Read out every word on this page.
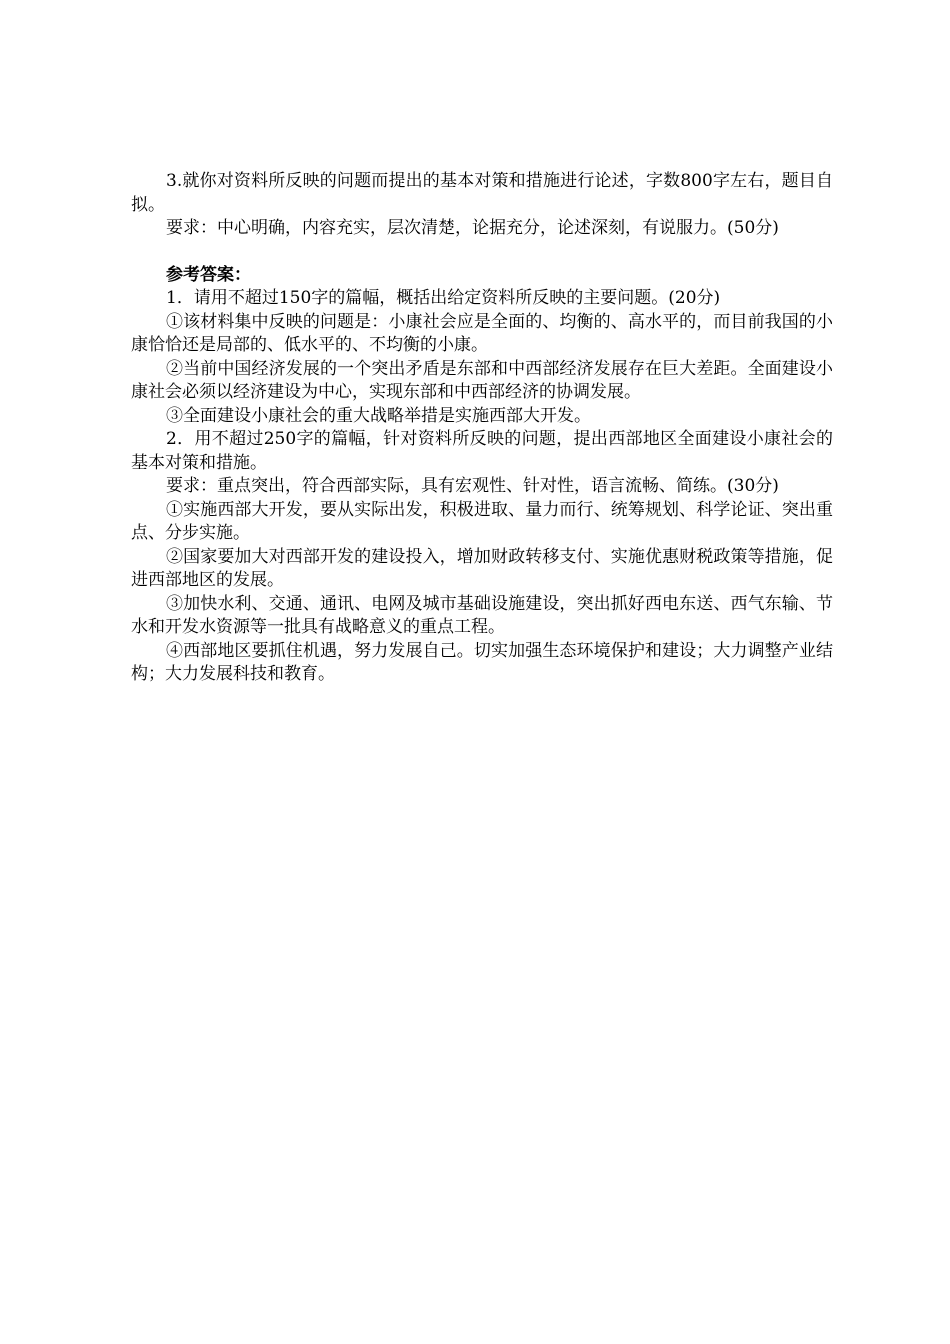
3.就你对资料所反映的问题而提出的基本对策和措施进行论述，字数800字左右，题目自拟。

要求：中心明确，内容充实，层次清楚，论据充分，论述深刻，有说服力。(50分)

参考答案：

1．请用不超过150字的篇幅，概括出给定资料所反映的主要问题。(20分)

①该材料集中反映的问题是：小康社会应是全面的、均衡的、高水平的，而目前我国的小康恰恰还是局部的、低水平的、不均衡的小康。

②当前中国经济发展的一个突出矛盾是东部和中西部经济发展存在巨大差距。全面建设小康社会必须以经济建设为中心，实现东部和中西部经济的协调发展。

③全面建设小康社会的重大战略举措是实施西部大开发。

2．用不超过250字的篇幅，针对资料所反映的问题，提出西部地区全面建设小康社会的基本对策和措施。

要求：重点突出，符合西部实际，具有宏观性、针对性，语言流畅、简练。(30分)

①实施西部大开发，要从实际出发，积极进取、量力而行、统筹规划、科学论证、突出重点、分步实施。

②国家要加大对西部开发的建设投入，增加财政转移支付、实施优惠财税政策等措施，促进西部地区的发展。

③加快水利、交通、通讯、电网及城市基础设施建设，突出抓好西电东送、西气东输、节水和开发水资源等一批具有战略意义的重点工程。

④西部地区要抓住机遇，努力发展自己。切实加强生态环境保护和建设；大力调整产业结构；大力发展科技和教育。
